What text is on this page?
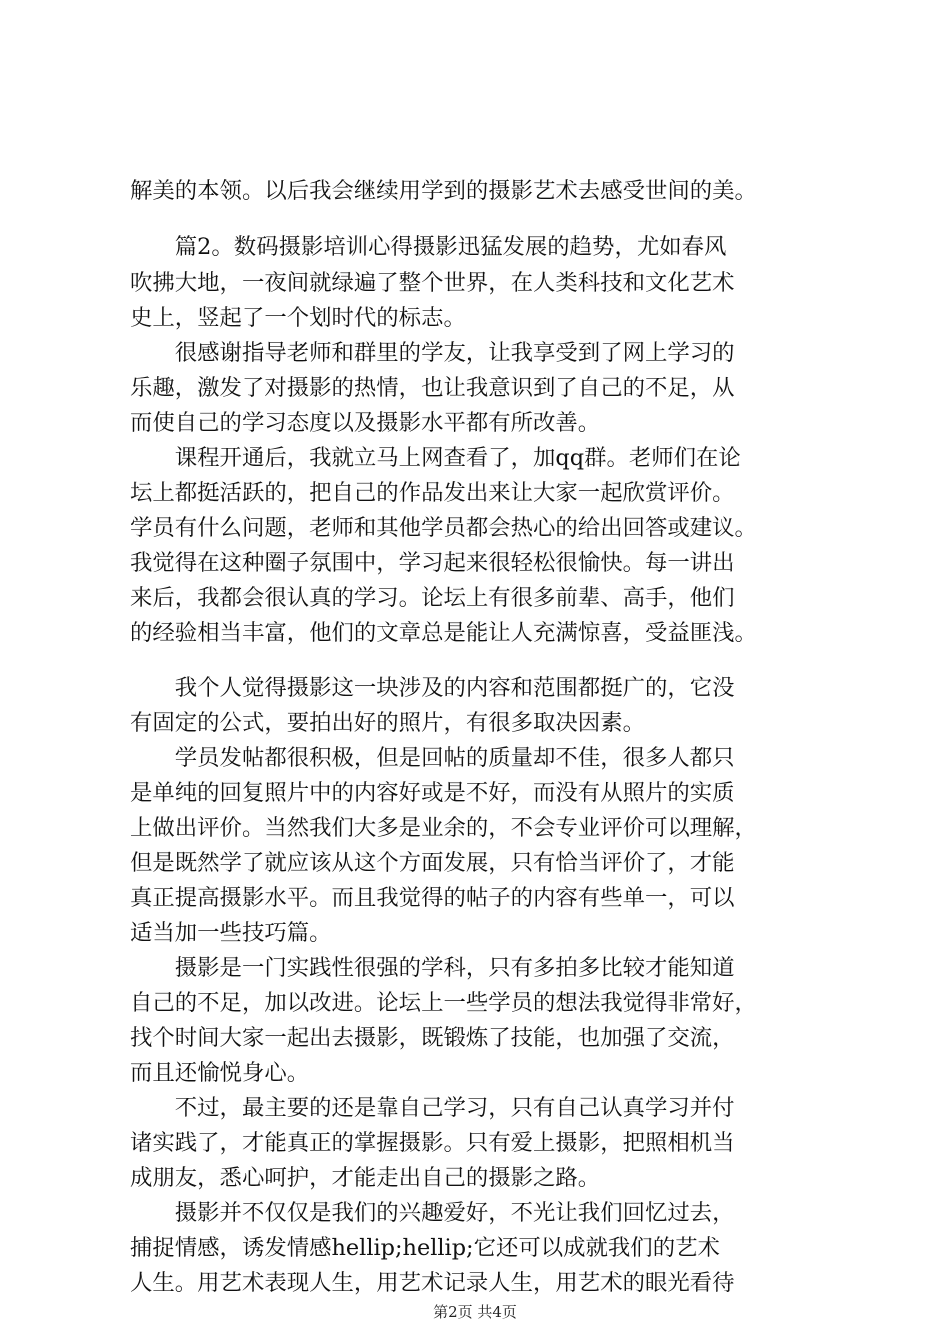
解美的本领。以后我会继续用学到的摄影艺术去感受世间的美。
　　篇2。数码摄影培训心得摄影迅猛发展的趋势，尤如春风
吹拂大地，一夜间就绿遍了整个世界，在人类科技和文化艺术
史上，竖起了一个划时代的标志。
　　很感谢指导老师和群里的学友，让我享受到了网上学习的
乐趣，激发了对摄影的热情，也让我意识到了自己的不足，从
而使自己的学习态度以及摄影水平都有所改善。
　　课程开通后，我就立马上网查看了，加qq群。老师们在论
坛上都挺活跃的，把自己的作品发出来让大家一起欣赏评价。
学员有什么问题，老师和其他学员都会热心的给出回答或建议。
我觉得在这种圈子氛围中，学习起来很轻松很愉快。每一讲出
来后，我都会很认真的学习。论坛上有很多前辈、高手，他们
的经验相当丰富，他们的文章总是能让人充满惊喜，受益匪浅。
　　我个人觉得摄影这一块涉及的内容和范围都挺广的，它没
有固定的公式，要拍出好的照片，有很多取决因素。
　　学员发帖都很积极，但是回帖的质量却不佳，很多人都只
是单纯的回复照片中的内容好或是不好，而没有从照片的实质
上做出评价。当然我们大多是业余的，不会专业评价可以理解，
但是既然学了就应该从这个方面发展，只有恰当评价了，才能
真正提高摄影水平。而且我觉得的帖子的内容有些单一，可以
适当加一些技巧篇。
　　摄影是一门实践性很强的学科，只有多拍多比较才能知道
自己的不足，加以改进。论坛上一些学员的想法我觉得非常好，
找个时间大家一起出去摄影，既锻炼了技能，也加强了交流，
而且还愉悦身心。
　　不过，最主要的还是靠自己学习，只有自己认真学习并付
诸实践了，才能真正的掌握摄影。只有爱上摄影，把照相机当
成朋友，悉心呵护，才能走出自己的摄影之路。
　　摄影并不仅仅是我们的兴趣爱好，不光让我们回忆过去，
捕捉情感，诱发情感hellip;hellip;它还可以成就我们的艺术
人生。用艺术表现人生，用艺术记录人生，用艺术的眼光看待
第2页 共4页
